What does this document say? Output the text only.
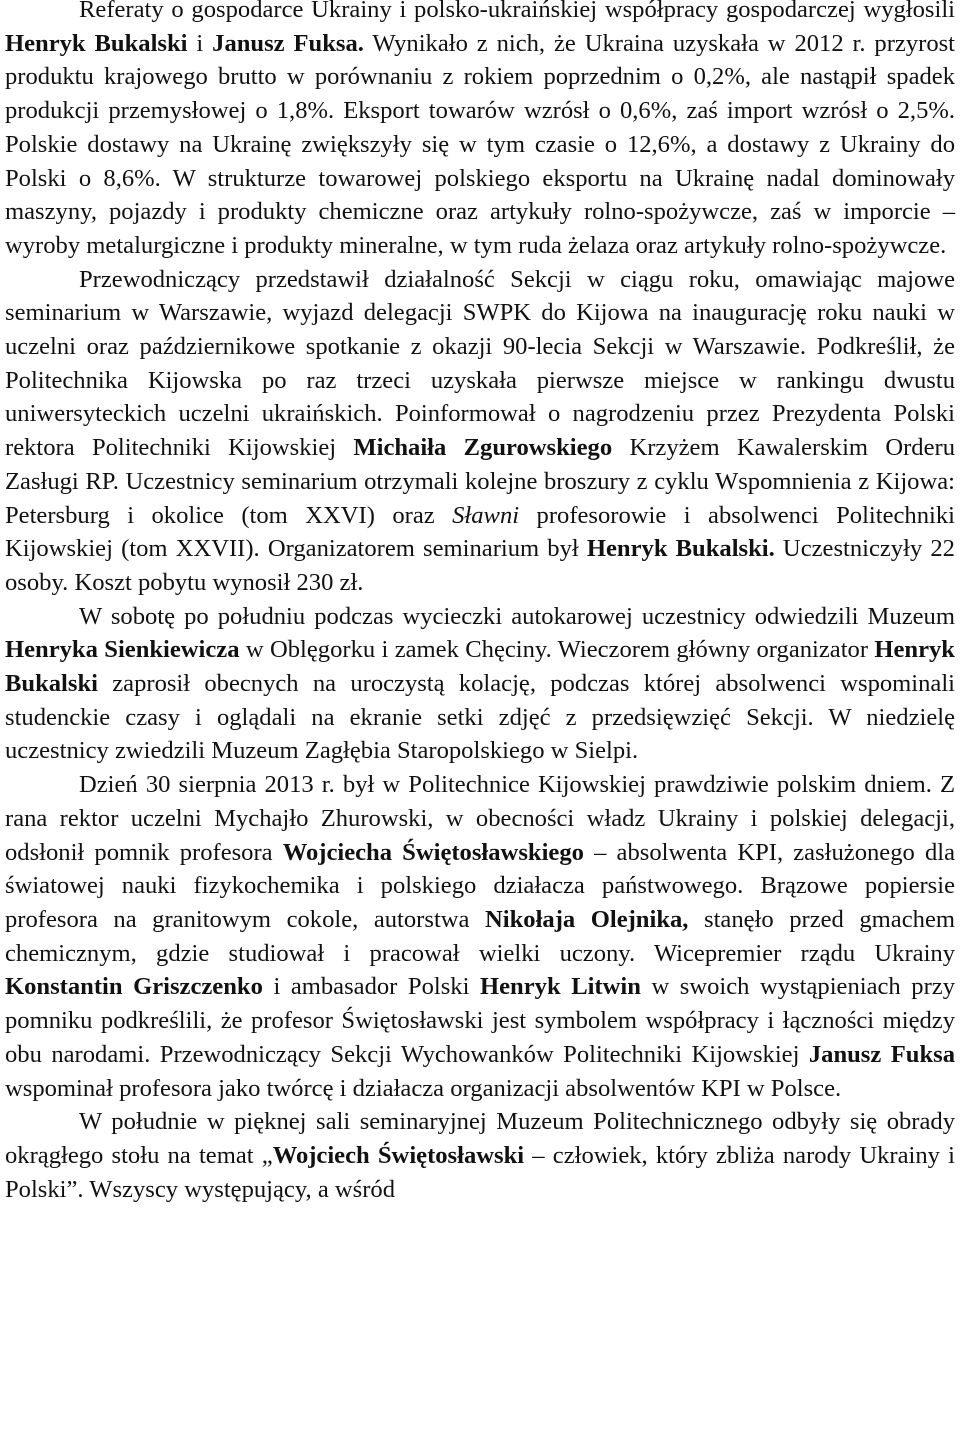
Referaty o gospodarce Ukrainy i polsko-ukraińskiej współpracy gospodarczej wygłosili Henryk Bukalski i Janusz Fuksa. Wynikało z nich, że Ukraina uzyskała w 2012 r. przyrost produktu krajowego brutto w porównaniu z rokiem poprzednim o 0,2%, ale nastąpił spadek produkcji przemysłowej o 1,8%. Eksport towarów wzrósł o 0,6%, zaś import wzrósł o 2,5%. Polskie dostawy na Ukrainę zwiększyły się w tym czasie o 12,6%, a dostawy z Ukrainy do Polski o 8,6%. W strukturze towarowej polskiego eksportu na Ukrainę nadal dominowały maszyny, pojazdy i produkty chemiczne oraz artykuły rolno-spożywcze, zaś w imporcie – wyroby metalurgiczne i produkty mineralne, w tym ruda żelaza oraz artykuły rolno-spożywcze.

Przewodniczący przedstawił działalność Sekcji w ciągu roku, omawiając majowe seminarium w Warszawie, wyjazd delegacji SWPK do Kijowa na inaugurację roku nauki w uczelni oraz październikowe spotkanie z okazji 90-lecia Sekcji w Warszawie. Podkreślił, że Politechnika Kijowska po raz trzeci uzyskała pierwsze miejsce w rankingu dwustu uniwersyteckich uczelni ukraińskich. Poinformował o nagrodzeniu przez Prezydenta Polski rektora Politechniki Kijowskiej Michaiła Zgurowskiego Krzyżem Kawalerskim Orderu Zasługi RP. Uczestnicy seminarium otrzymali kolejne broszury z cyklu Wspomnienia z Kijowa: Petersburg i okolice (tom XXVI) oraz Sławni profesorowie i absolwenci Politechniki Kijowskiej (tom XXVII). Organizatorem seminarium był Henryk Bukalski. Uczestniczyły 22 osoby. Koszt pobytu wynosił 230 zł.

W sobotę po południu podczas wycieczki autokarowej uczestnicy odwiedzili Muzeum Henryka Sienkiewicza w Oblęgorku i zamek Chęciny. Wieczorem główny organizator Henryk Bukalski zaprosił obecnych na uroczystą kolację, podczas której absolwenci wspominali studenckie czasy i oglądali na ekranie setki zdjęć z przedsięwzięć Sekcji. W niedzielę uczestnicy zwiedzili Muzeum Zagłębia Staropolskiego w Sielpi.

Dzień 30 sierpnia 2013 r. był w Politechnice Kijowskiej prawdziwie polskim dniem. Z rana rektor uczelni Mychajło Zhurowski, w obecności władz Ukrainy i polskiej delegacji, odsłonił pomnik profesora Wojciecha Świętosławskiego – absolwenta KPI, zasłużonego dla światowej nauki fizykochemika i polskiego działacza państwowego. Brązowe popiersie profesora na granitowym cokole, autorstwa Nikołaja Olejnika, stanęło przed gmachem chemicznym, gdzie studiował i pracował wielki uczony. Wicepremier rządu Ukrainy Konstantin Griszczenko i ambasador Polski Henryk Litwin w swoich wystąpieniach przy pomniku podkreślili, że profesor Świętosławski jest symbolem współpracy i łączności między obu narodami. Przewodniczący Sekcji Wychowanków Politechniki Kijowskiej Janusz Fuksa wspominał profesora jako twórcę i działacza organizacji absolwentów KPI w Polsce.

W południe w pięknej sali seminaryjnej Muzeum Politechnicznego odbyły się obrady okrągłego stołu na temat „Wojciech Świętosławski – człowiek, który zbliża narody Ukrainy i Polski”. Wszyscy występujący, a wśród
